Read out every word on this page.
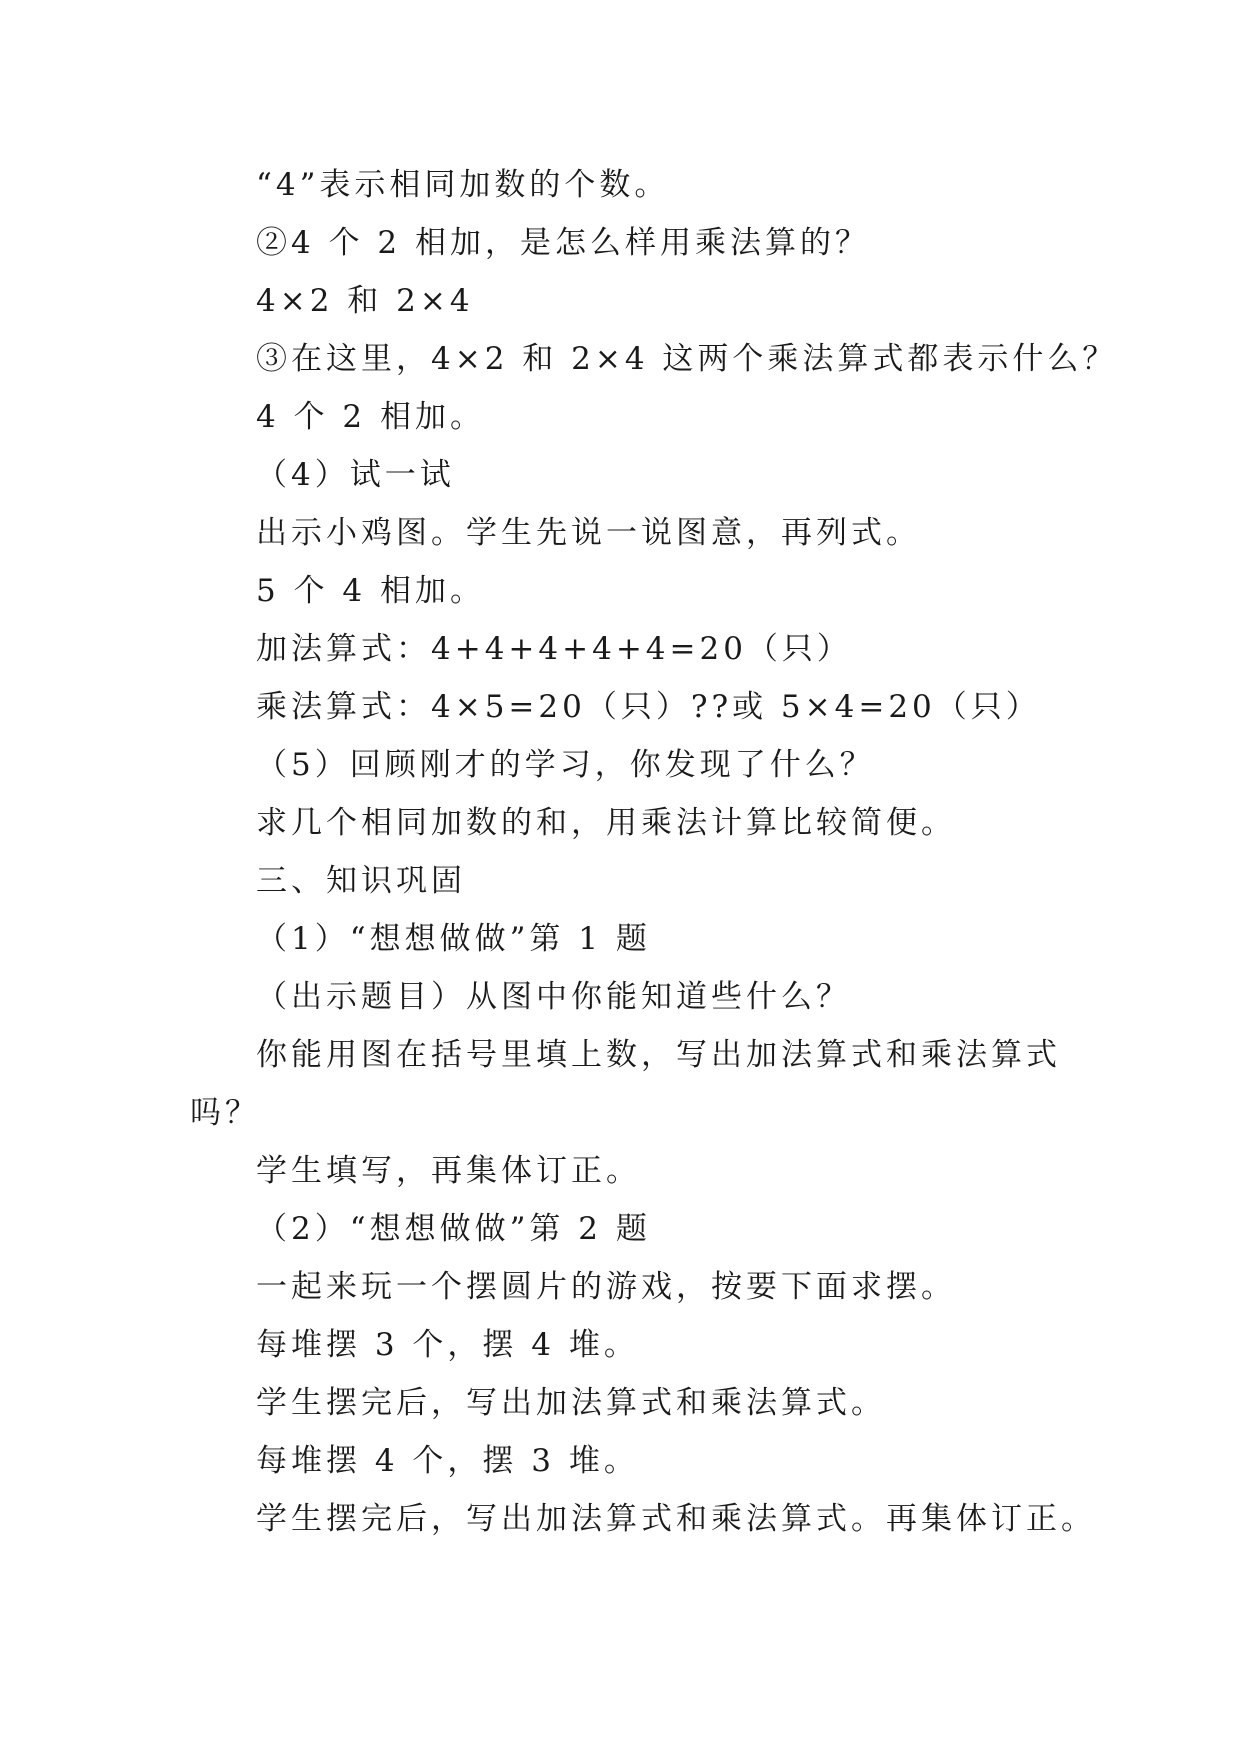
“4”表示相同加数的个数。
②4 个 2 相加，是怎么样用乘法算的？
4×2 和 2×4
③在这里，4×2 和 2×4 这两个乘法算式都表示什么？
4 个 2 相加。
（4）试一试
出示小鸡图。学生先说一说图意，再列式。
5 个 4 相加。
加法算式：4+4+4+4+4=20（只）
乘法算式：4×5=20（只）??或 5×4=20（只）
（5）回顾刚才的学习，你发现了什么？
求几个相同加数的和，用乘法计算比较简便。
三、知识巩固
（1）“想想做做”第 1 题
（出示题目）从图中你能知道些什么？
你能用图在括号里填上数，写出加法算式和乘法算式
吗？
学生填写，再集体订正。
（2）“想想做做”第 2 题
一起来玩一个摆圆片的游戏，按要下面求摆。
每堆摆 3 个，摆 4 堆。
学生摆完后，写出加法算式和乘法算式。
每堆摆 4 个，摆 3 堆。
学生摆完后，写出加法算式和乘法算式。再集体订正。
